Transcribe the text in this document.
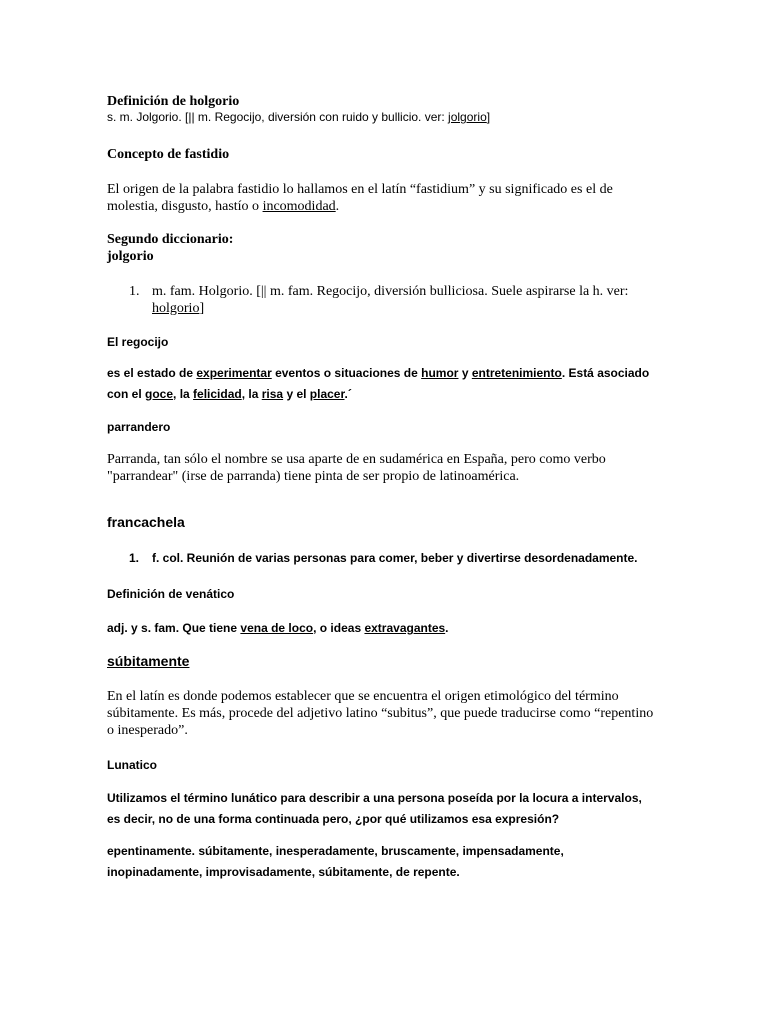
Definición de holgorio
s. m. Jolgorio. [|| m. Regocijo, diversión con ruido y bullicio. ver: jolgorio]
Concepto de fastidio
El origen de la palabra fastidio lo hallamos en el latín “fastidium” y su significado es el de molestia, disgusto, hastío o incomodidad.
Segundo diccionario:
jolgorio
1. m. fam. Holgorio. [|| m. fam. Regocijo, diversión bulliciosa. Suele aspirarse la h. ver: holgorio]
El regocijo
es el estado de experimentar eventos o situaciones de humor y entretenimiento. Está asociado con el goce, la felicidad, la risa y el placer.´
parrandero
Parranda, tan sólo el nombre se usa aparte de en sudamérica en España, pero como verbo "parrandear" (irse de parranda) tiene pinta de ser propio de latinoamérica.
francachela
1. f. col. Reunión de varias personas para comer, beber y divertirse desordenadamente.
Definición de venático
adj. y s. fam. Que tiene vena de loco, o ideas extravagantes.
súbitamente
En el latín es donde podemos establecer que se encuentra el origen etimológico del término súbitamente. Es más, procede del adjetivo latino “subitus”, que puede traducirse como “repentino o inesperado”.
Lunatico
Utilizamos el término lunático para describir a una persona poseída por la locura a intervalos, es decir, no de una forma continuada pero, ¿por qué utilizamos esa expresión?
epentinamente. súbitamente, inesperadamente, bruscamente, impensadamente, inopinadamente, improvisadamente, súbitamente, de repente.
